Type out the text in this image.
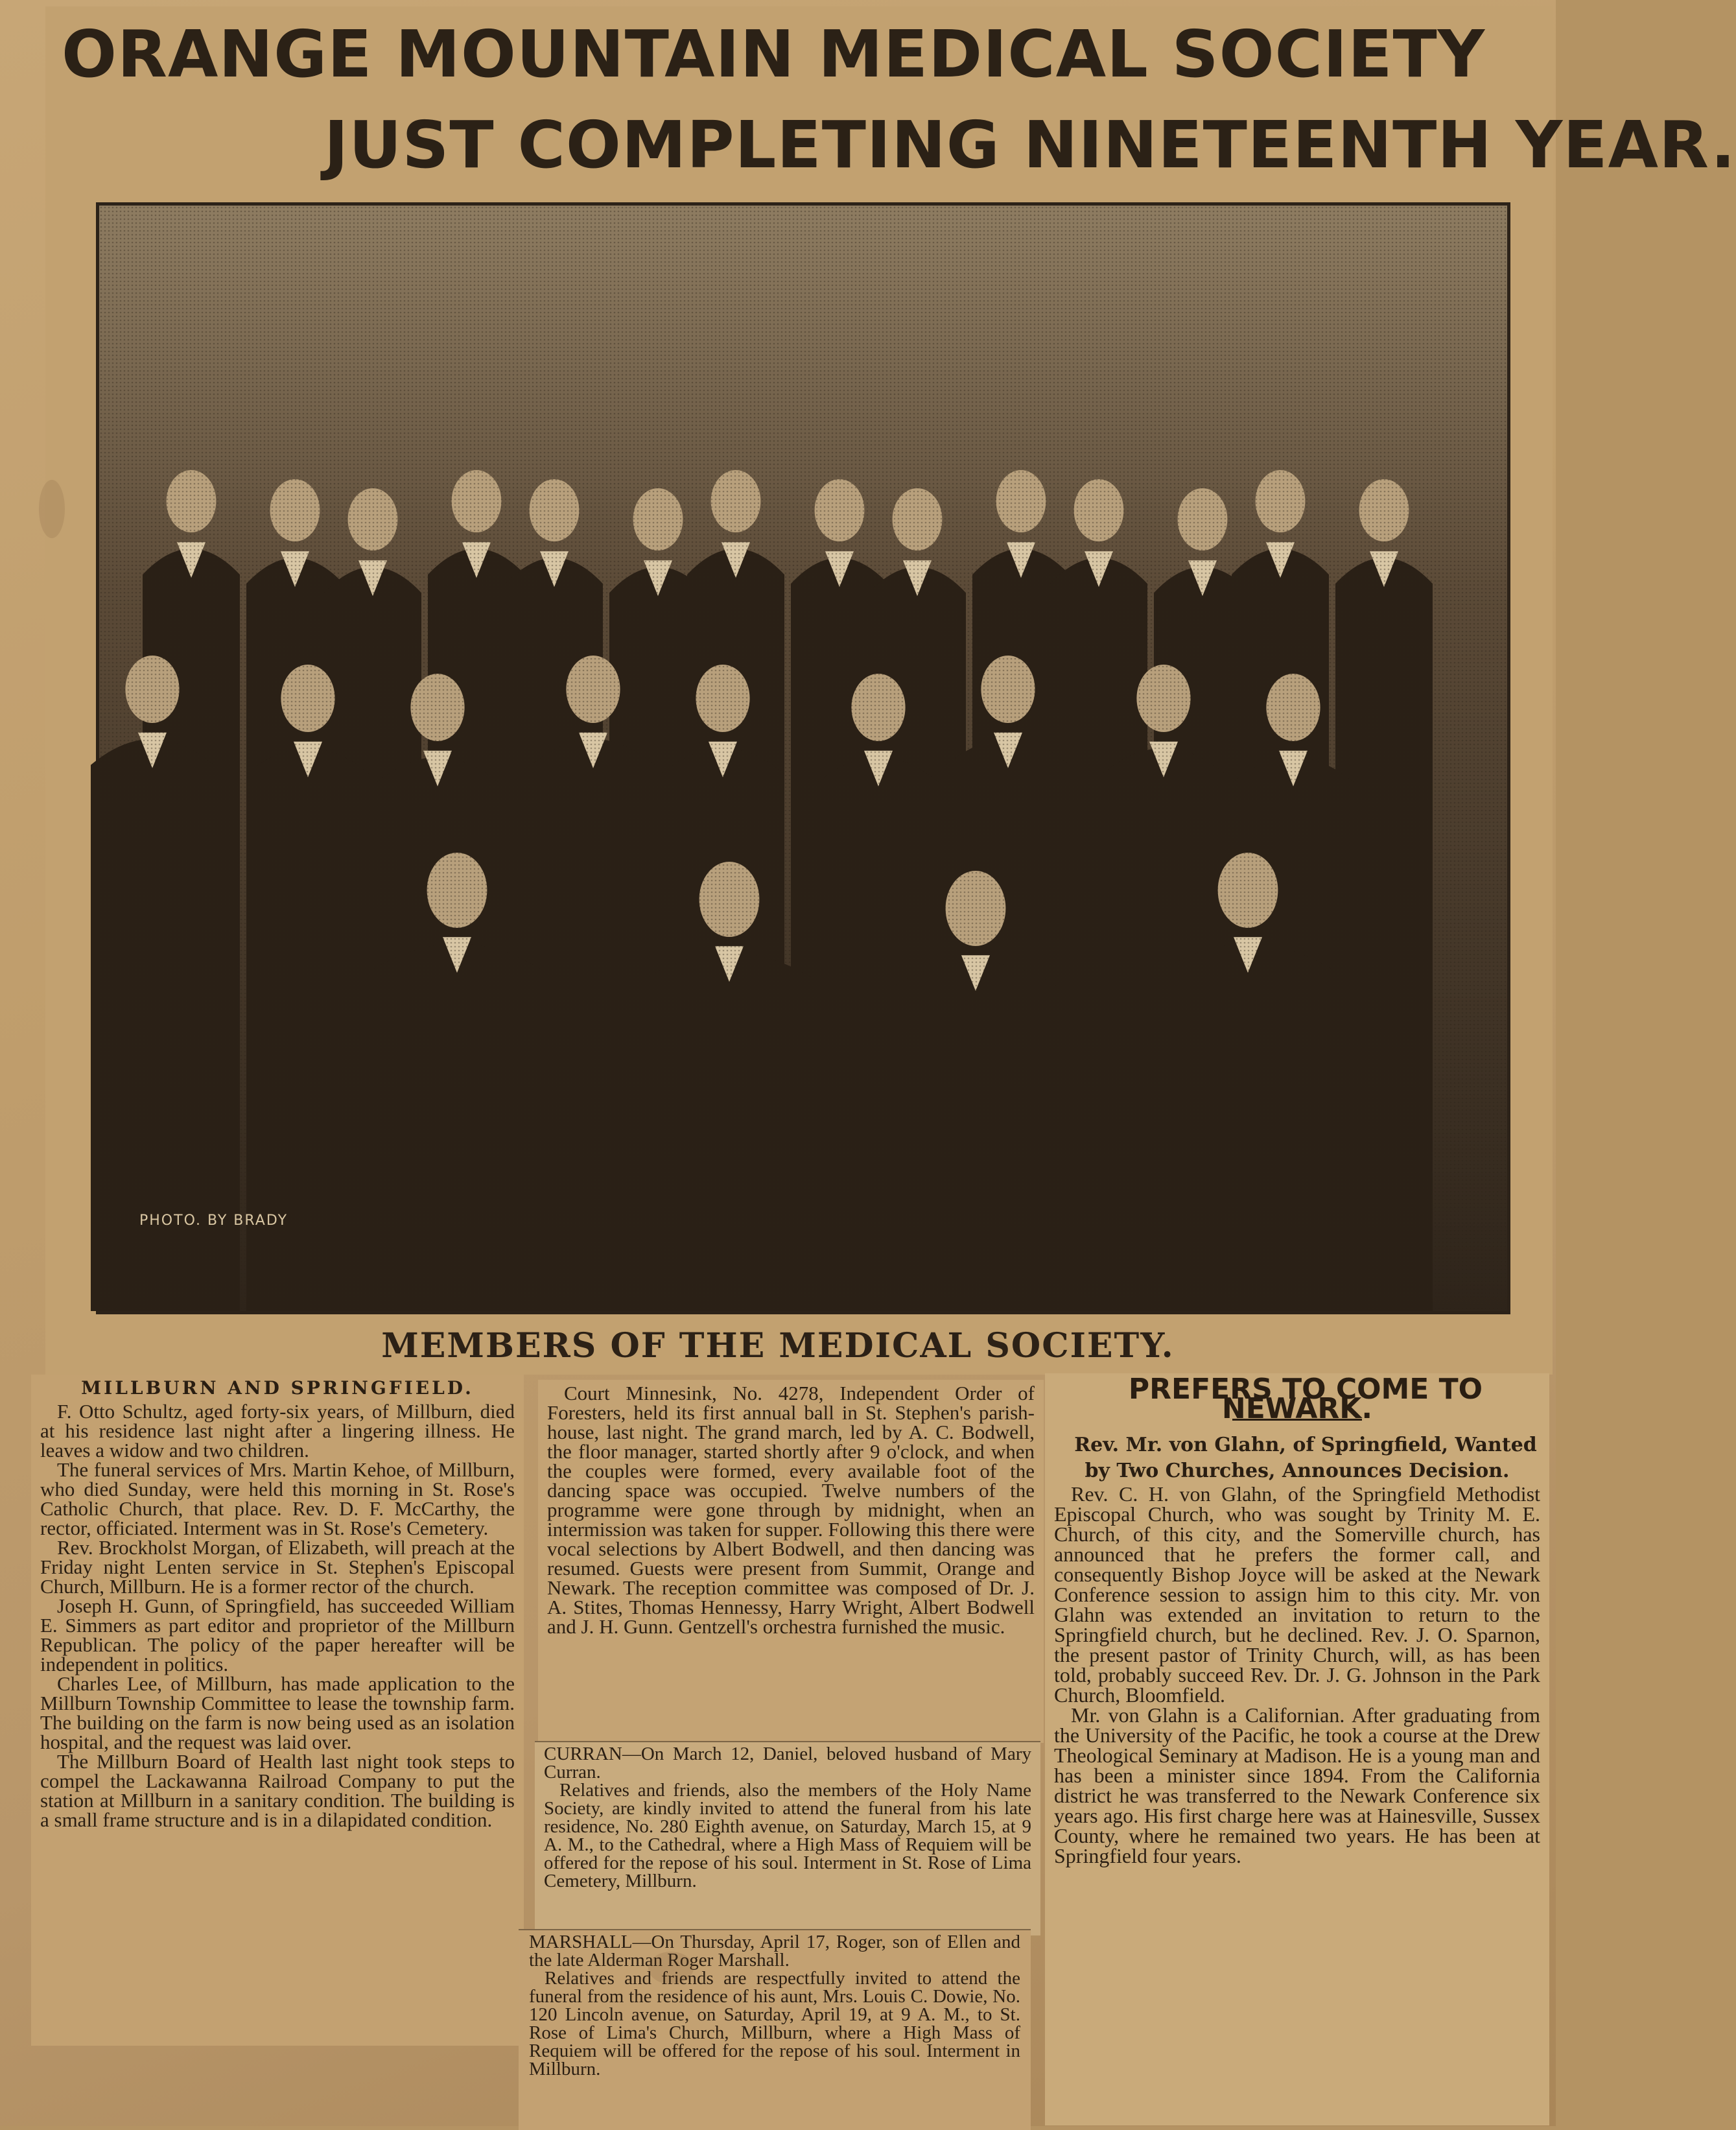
ORANGE MOUNTAIN MEDICAL SOCIETY
JUST COMPLETING NINETEENTH YEAR.
PHOTO. BY BRADY
MEMBERS OF THE MEDICAL SOCIETY.

MILLBURN AND SPRINGFIELD.

F. Otto Schultz, aged forty-six years, of Millburn, died at his residence last night after a lingering illness. He leaves a widow and two children.

The funeral services of Mrs. Martin Kehoe, of Millburn, who died Sunday, were held this morning in St. Rose's Catholic Church, that place. Rev. D. F. McCarthy, the rector, officiated. Interment was in St. Rose's Cemetery.

Rev. Brockholst Morgan, of Elizabeth, will preach at the Friday night Lenten service in St. Stephen's Episcopal Church, Millburn. He is a former rector of the church.

Joseph H. Gunn, of Springfield, has succeeded William E. Simmers as part editor and proprietor of the Millburn Republican. The policy of the paper hereafter will be independent in politics.

Charles Lee, of Millburn, has made application to the Millburn Township Committee to lease the township farm. The building on the farm is now being used as an isolation hospital, and the request was laid over.

The Millburn Board of Health last night took steps to compel the Lackawanna Railroad Company to put the station at Millburn in a sanitary condition. The building is a small frame structure and is in a dilapidated condition.

Court Minnesink, No. 4278, Independent Order of Foresters, held its first annual ball in St. Stephen's parish-house, last night. The grand march, led by A. C. Bodwell, the floor manager, started shortly after 9 o'clock, and when the couples were formed, every available foot of the dancing space was occupied. Twelve numbers of the programme were gone through by midnight, when an intermission was taken for supper. Following this there were vocal selections by Albert Bodwell, and then dancing was resumed. Guests were present from Summit, Orange and Newark. The reception committee was composed of Dr. J. A. Stites, Thomas Hennessy, Harry Wright, Albert Bodwell and J. H. Gunn. Gentzell's orchestra furnished the music.

CURRAN—On March 12, Daniel, beloved husband of Mary Curran.

Relatives and friends, also the members of the Holy Name Society, are kindly invited to attend the funeral from his late residence, No. 280 Eighth avenue, on Saturday, March 15, at 9 A. M., to the Cathedral, where a High Mass of Requiem will be offered for the repose of his soul. Interment in St. Rose of Lima Cemetery, Millburn.

MARSHALL—On Thursday, April 17, Roger, son of Ellen and the late Alderman Roger Marshall.

Relatives and friends are respectfully invited to attend the funeral from the residence of his aunt, Mrs. Louis C. Dowie, No. 120 Lincoln avenue, on Saturday, April 19, at 9 A. M., to St. Rose of Lima's Church, Millburn, where a High Mass of Requiem will be offered for the repose of his soul. Interment in Millburn.

PREFERS TO COME TO NEWARK.

Rev. Mr. von Glahn, of Springfield, Wanted by Two Churches, Announces Decision.

Rev. C. H. von Glahn, of the Springfield Methodist Episcopal Church, who was sought by Trinity M. E. Church, of this city, and the Somerville church, has announced that he prefers the former call, and consequently Bishop Joyce will be asked at the Newark Conference session to assign him to this city. Mr. von Glahn was extended an invitation to return to the Springfield church, but he declined. Rev. J. O. Sparnon, the present pastor of Trinity Church, will, as has been told, probably succeed Rev. Dr. J. G. Johnson in the Park Church, Bloomfield.

Mr. von Glahn is a Californian. After graduating from the University of the Pacific, he took a course at the Drew Theological Seminary at Madison. He is a young man and has been a minister since 1894. From the California district he was transferred to the Newark Conference six years ago. His first charge here was at Hainesville, Sussex County, where he remained two years. He has been at Springfield four years.
